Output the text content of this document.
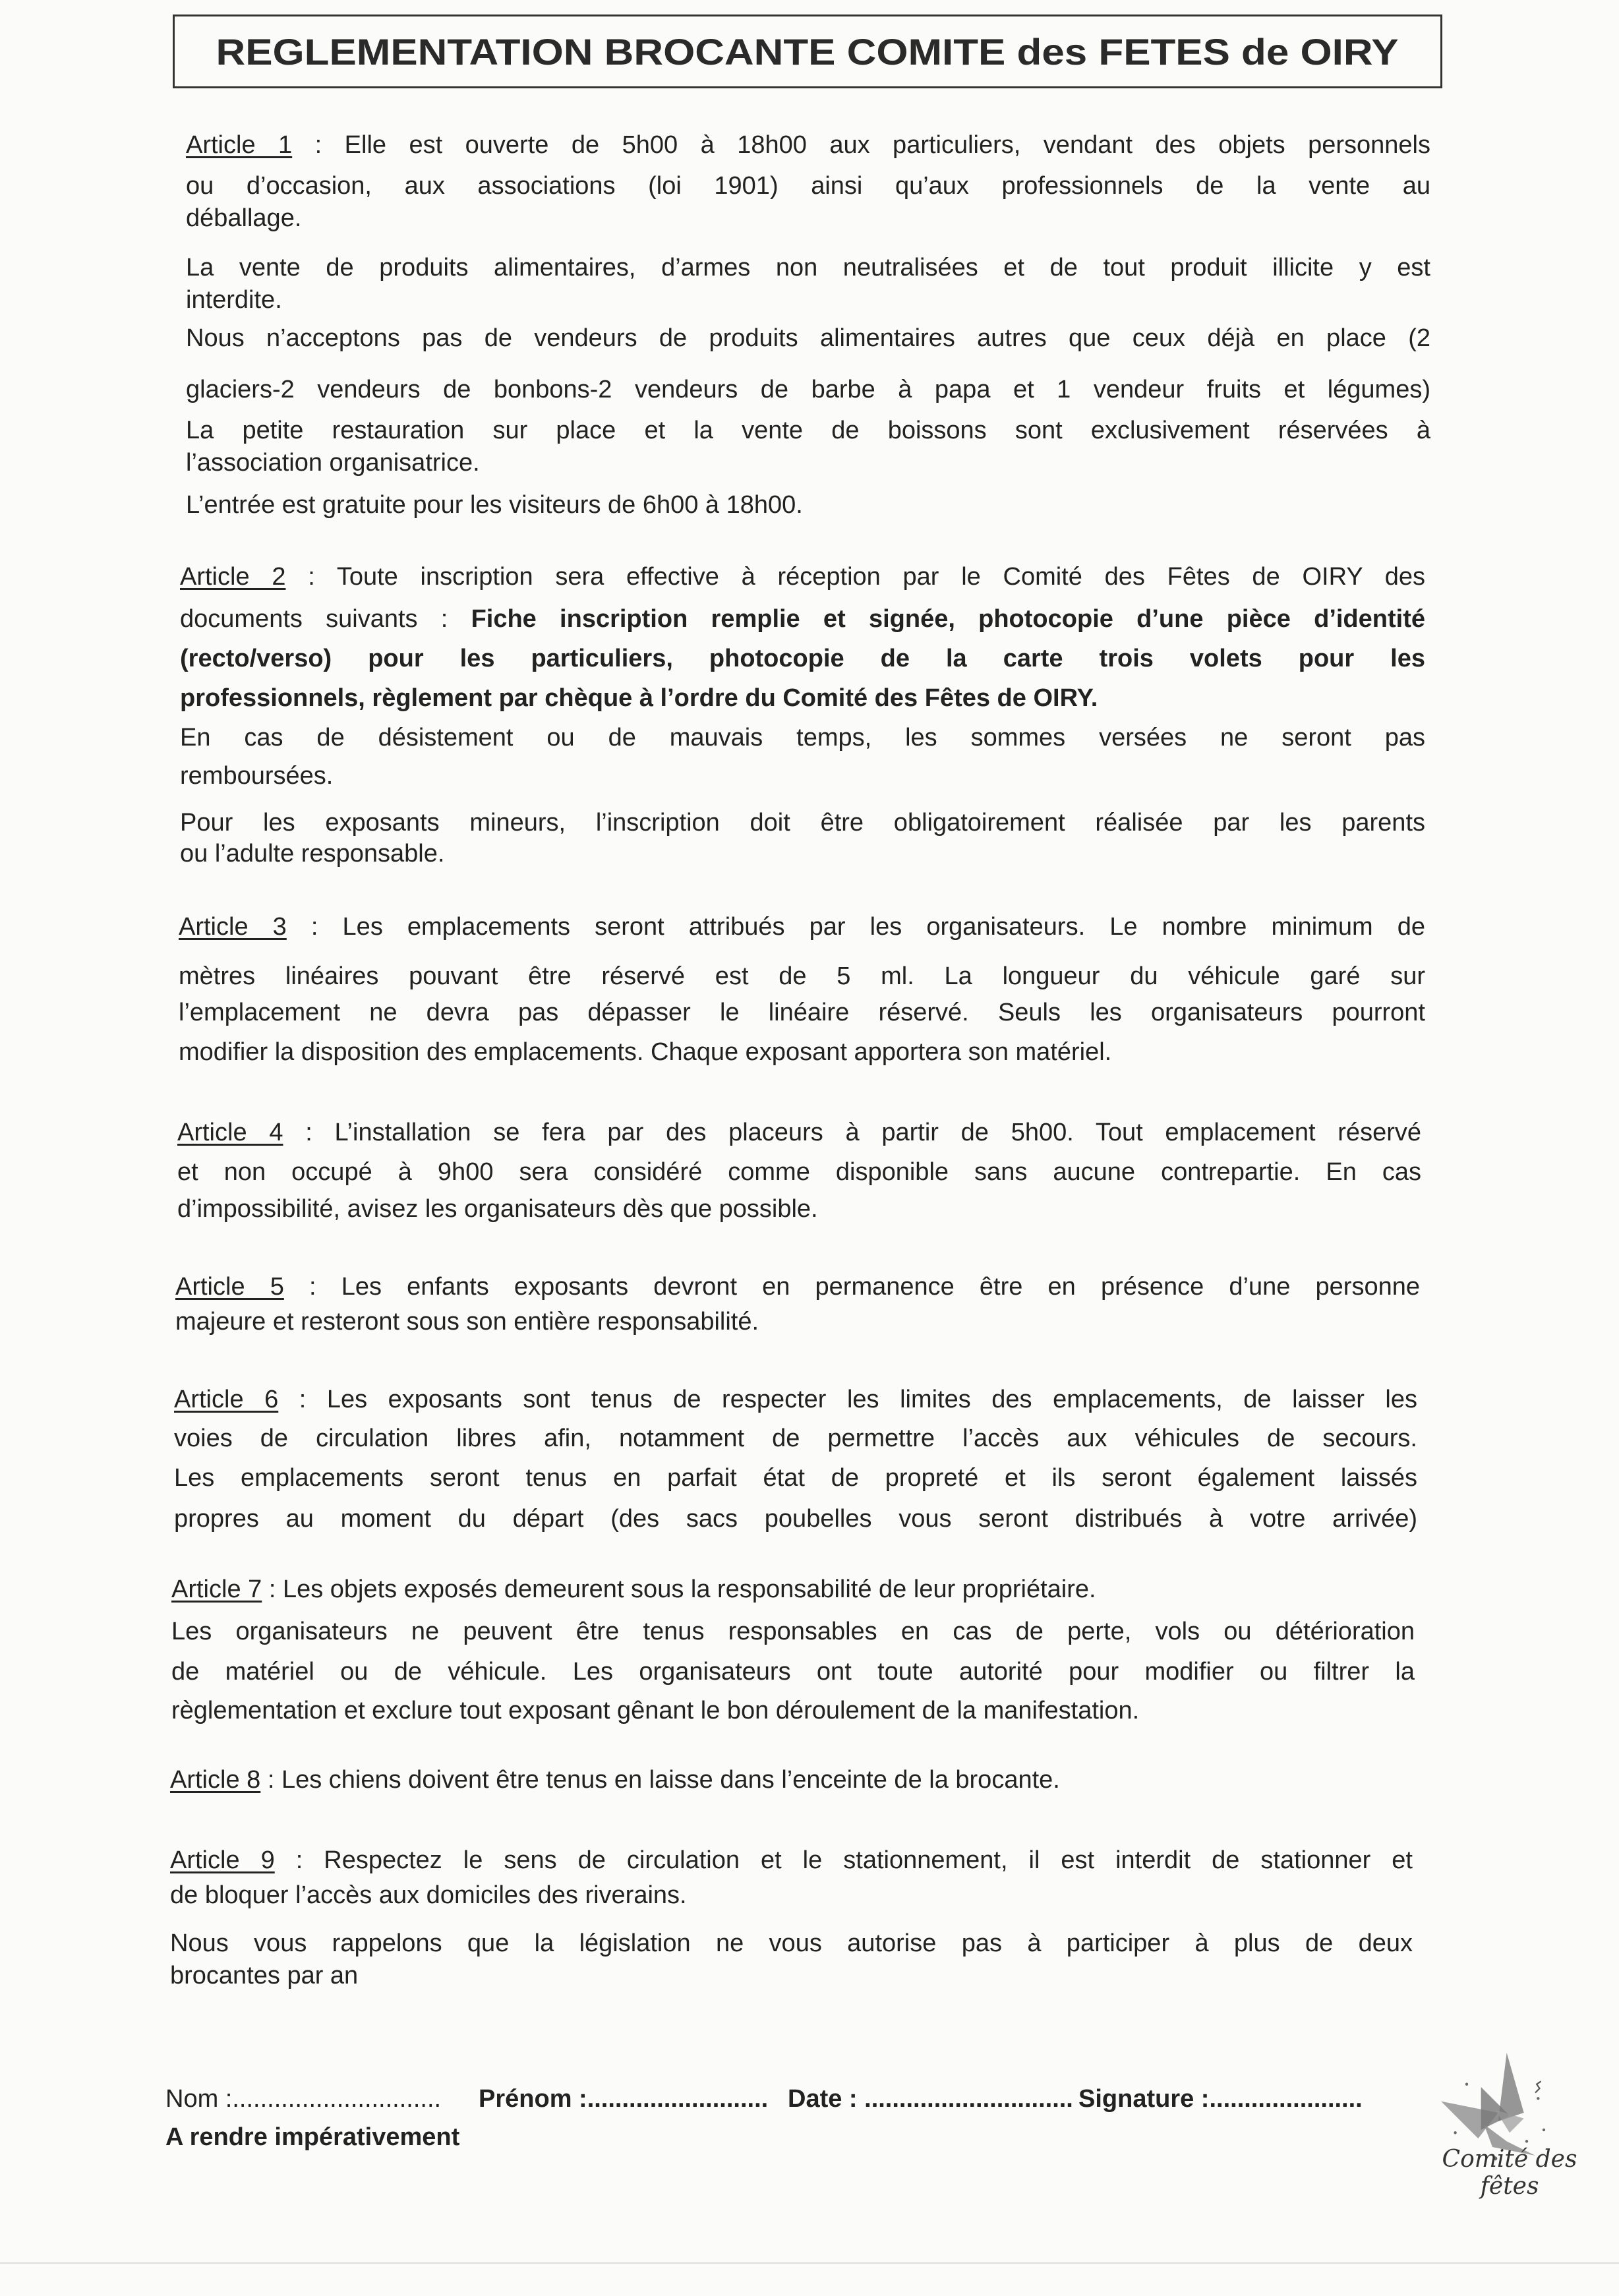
REGLEMENTATION BROCANTE COMITE des FETES de OIRY
Article 1 : Elle est ouverte de 5h00 à 18h00 aux particuliers, vendant des objets personnels
ou d’occasion, aux associations (loi 1901) ainsi qu’aux professionnels de la vente au
déballage.
La vente de produits alimentaires, d’armes non neutralisées et de tout produit illicite y est
interdite.
Nous n’acceptons pas de vendeurs de produits alimentaires autres que ceux déjà en place (2
glaciers-2 vendeurs de bonbons-2 vendeurs de barbe à papa et 1 vendeur fruits et légumes)
La petite restauration sur place et la vente de boissons sont exclusivement réservées à
l’association organisatrice.
L’entrée est gratuite pour les visiteurs de 6h00 à 18h00.
Article 2 : Toute inscription sera effective à réception par le Comité des Fêtes de OIRY des
documents suivants : Fiche inscription remplie et signée, photocopie d’une pièce d’identité
(recto/verso) pour les particuliers, photocopie de la carte trois volets pour les
professionnels, règlement par chèque à l’ordre du Comité des Fêtes de OIRY.
En cas de désistement ou de mauvais temps, les sommes versées ne seront pas
remboursées.
Pour les exposants mineurs, l’inscription doit être obligatoirement réalisée par les parents
ou l’adulte responsable.
Article 3 : Les emplacements seront attribués par les organisateurs. Le nombre minimum de
mètres linéaires pouvant être réservé est de 5 ml. La longueur du véhicule garé sur
l’emplacement ne devra pas dépasser le linéaire réservé. Seuls les organisateurs pourront
modifier la disposition des emplacements. Chaque exposant apportera son matériel.
Article 4 : L’installation se fera par des placeurs à partir de 5h00. Tout emplacement réservé
et non occupé à 9h00 sera considéré comme disponible sans aucune contrepartie. En cas
d’impossibilité, avisez les organisateurs dès que possible.
Article 5 : Les enfants exposants devront en permanence être en présence d’une personne
majeure et resteront sous son entière responsabilité.
Article 6 : Les exposants sont tenus de respecter les limites des emplacements, de laisser les
voies de circulation libres afin, notamment de permettre l’accès aux véhicules de secours.
Les emplacements seront tenus en parfait état de propreté et ils seront également laissés
propres au moment du départ (des sacs poubelles vous seront distribués à votre arrivée)
Article 7 : Les objets exposés demeurent sous la responsabilité de leur propriétaire.
Les organisateurs ne peuvent être tenus responsables en cas de perte, vols ou détérioration
de matériel ou de véhicule. Les organisateurs ont toute autorité pour modifier ou filtrer la
règlementation et exclure tout exposant gênant le bon déroulement de la manifestation.
Article 8 : Les chiens doivent être tenus en laisse dans l’enceinte de la brocante.
Article 9 : Respectez le sens de circulation et le stationnement, il est interdit de stationner et
de bloquer l’accès aux domiciles des riverains.
Nous vous rappelons que la législation ne vous autorise pas à participer à plus de deux
brocantes par an
Nom :.............................. Prénom :.......................... Date : .............................. Signature :......................
A rendre impérativement
Comité des fêtes
